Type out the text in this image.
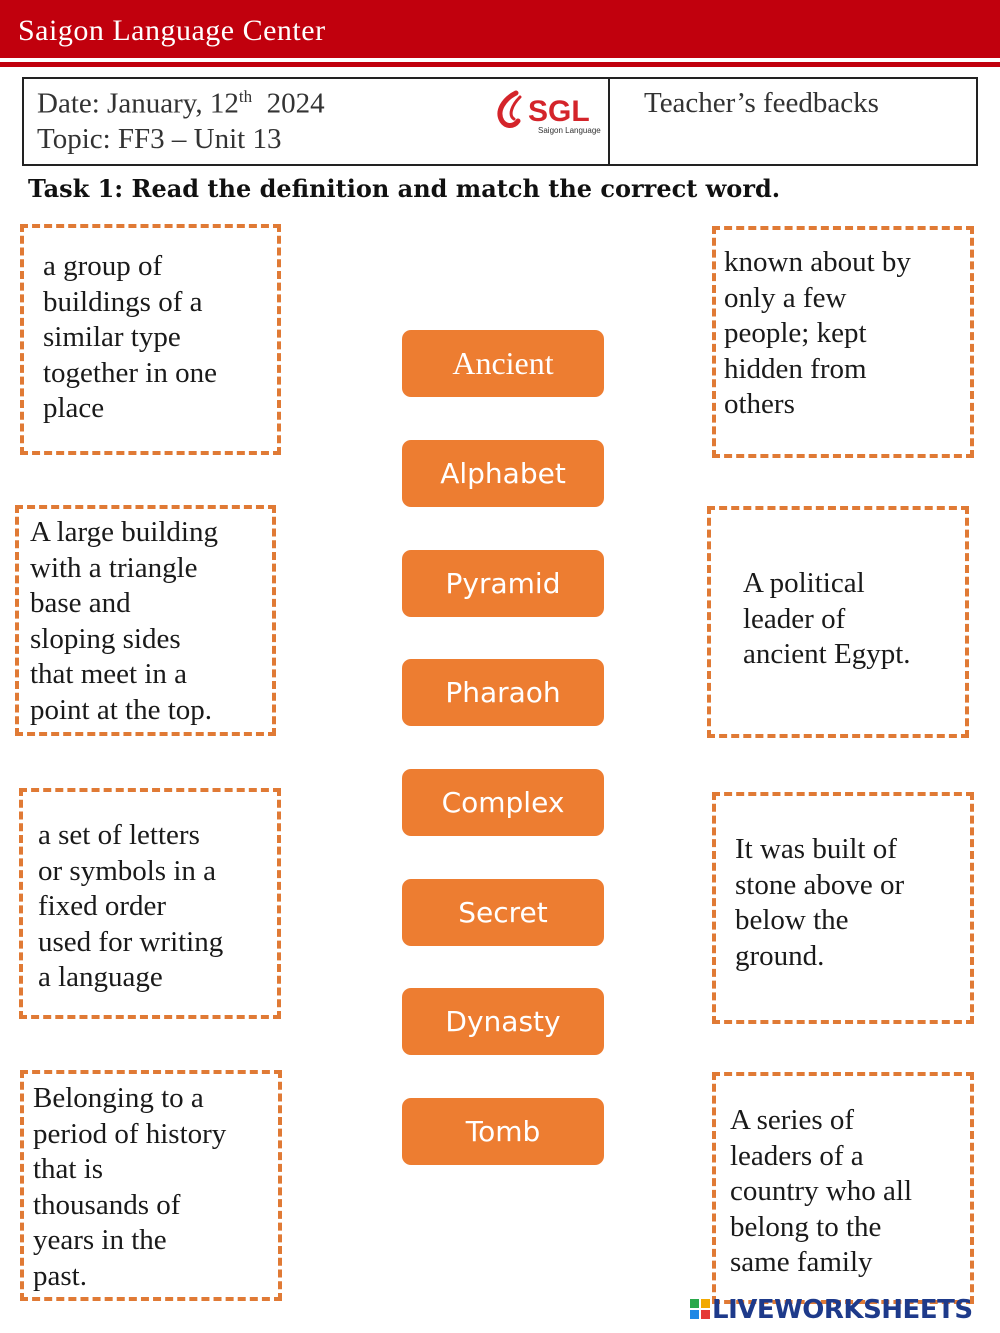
Saigon Language Center
Date: January, 12th 2024
Topic: FF3 – Unit 13
SGL
Saigon Language
Teacher’s feedbacks
Task 1: Read the definition and match the correct word.

a group of
buildings of a
similar type
together in one
place

A large building
with a triangle
base and
sloping sides
that meet in a
point at the top.

a set of letters
or symbols in a
fixed order
used for writing
a language

Belonging to a
period of history
that is
thousands of
years in the
past.

known about by
only a few
people; kept
hidden from
others

A political
leader of
ancient Egypt.

It was built of
stone above or
below the
ground.

A series of
leaders of a
country who all
belong to the
same family

Ancient
Alphabet
Pyramid
Pharaoh
Complex
Secret
Dynasty
Tomb
LIVEWORKSHEETS
